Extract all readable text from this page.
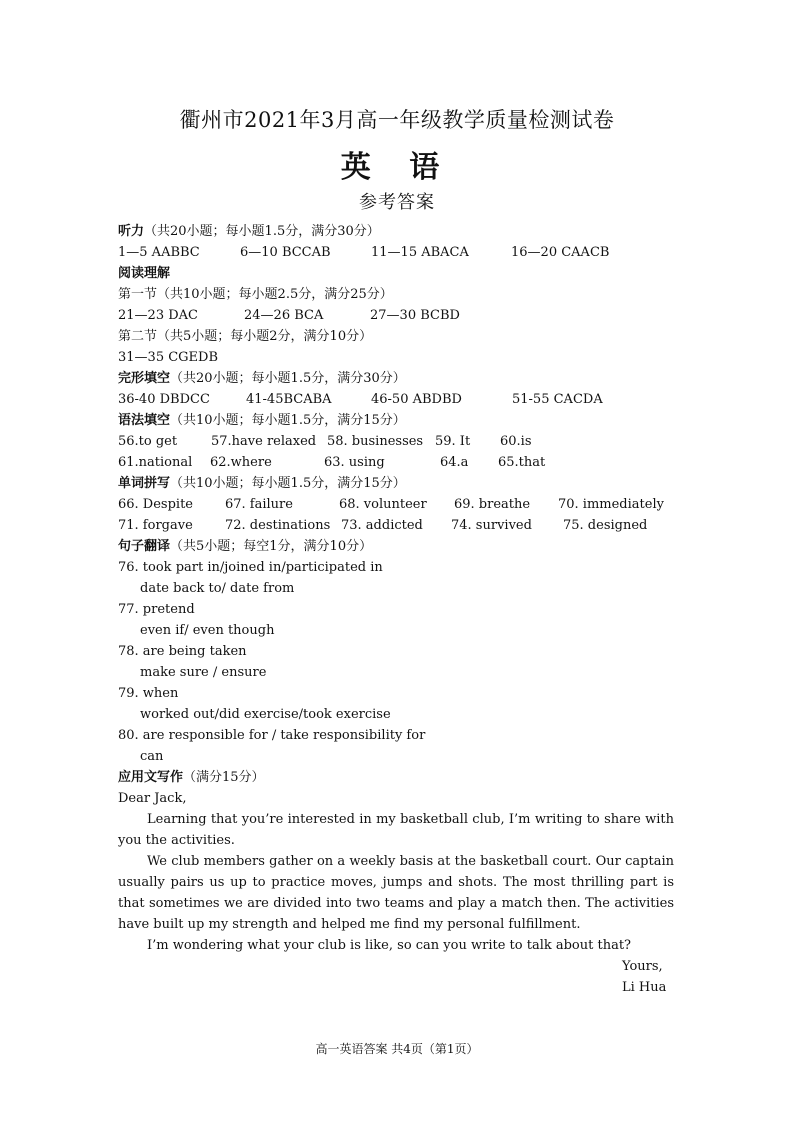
衢州市2021年3月高一年级教学质量检测试卷
英 语
参考答案
听力（共20小题；每小题1.5分，满分30分）
1—5 AABBC	6—10 BCCAB	11—15 ABACA	16—20 CAACB
阅读理解
第一节（共10小题；每小题2.5分，满分25分）
21—23 DAC	24—26 BCA	27—30 BCBD
第二节（共5小题；每小题2分，满分10分）
31—35 CGEDB
完形填空（共20小题；每小题1.5分，满分30分）
36-40 DBDCC	41-45BCABA	46-50 ABDBD	51-55 CACDA
语法填空（共10小题；每小题1.5分，满分15分）
56.to get	57.have relaxed 58. businesses 59. It 60.is
61.national 62.where	63. using	64.a 65.that
单词拼写（共10小题；每小题1.5分，满分15分）
66. Despite 67. failure	68. volunteer 69. breathe 70. immediately
71. forgave 72. destinations 73. addicted 74. survived 75. designed
句子翻译（共5小题；每空1分，满分10分）
76. took part in/joined in/participated in
date back to/ date from
77. pretend
even if/ even though
78. are being taken
make sure / ensure
79. when
worked out/did exercise/took exercise
80. are responsible for / take responsibility for
can
应用文写作（满分15分）
Dear Jack,
Learning that you’re interested in my basketball club, I’m writing to share with you the activities.
We club members gather on a weekly basis at the basketball court. Our captain usually pairs us up to practice moves, jumps and shots. The most thrilling part is that sometimes we are divided into two teams and play a match then. The activities have built up my strength and helped me find my personal fulfillment.
I’m wondering what your club is like, so can you write to talk about that?
Yours,
Li Hua
高一英语答案 共4页（第1页）
